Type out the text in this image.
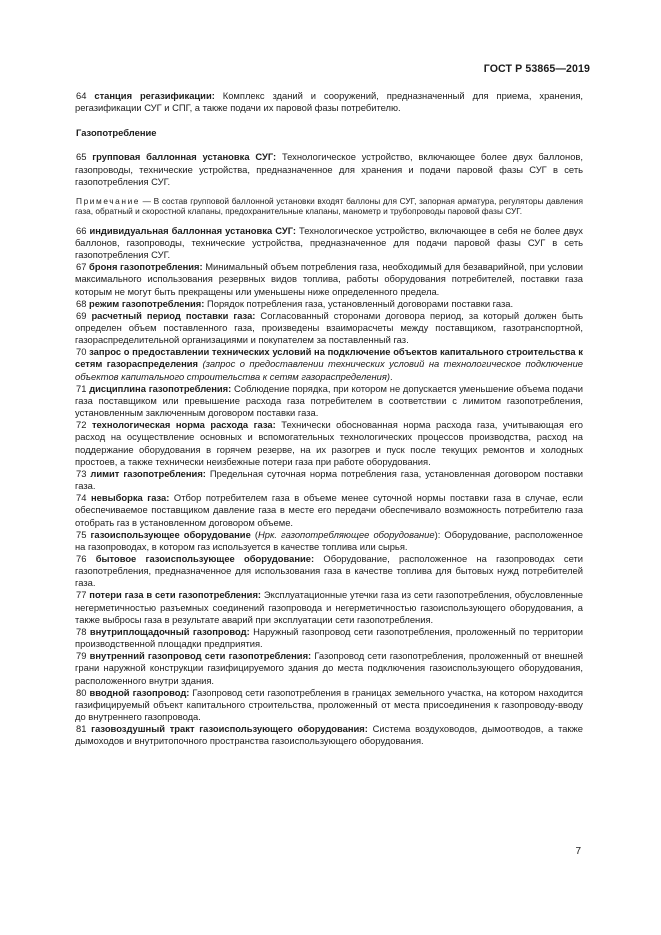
ГОСТ Р 53865—2019

64 станция регазификации: Комплекс зданий и сооружений, предназначенный для приема, хранения, регазификации СУГ и СПГ, а также подачи их паровой фазы потребителю.

Газопотребление

65 групповая баллонная установка СУГ: Технологическое устройство, включающее более двух баллонов, газопроводы, технические устройства, предназначенное для хранения и подачи паровой фазы СУГ в сеть газопотребления СУГ.

Примечание — В состав групповой баллонной установки входят баллоны для СУГ, запорная арматура, регуляторы давления газа, обратный и скоростной клапаны, предохранительные клапаны, манометр и трубопроводы паровой фазы СУГ.

66 индивидуальная баллонная установка СУГ: Технологическое устройство, включающее в себя не более двух баллонов, газопроводы, технические устройства, предназначенное для подачи паровой фазы СУГ в сеть газопотребления СУГ.

67 броня газопотребления: Минимальный объем потребления газа, необходимый для безаварийной, при условии максимального использования резервных видов топлива, работы оборудования потребителей, поставки газа которым не могут быть прекращены или уменьшены ниже определенного предела.

68 режим газопотребления: Порядок потребления газа, установленный договорами поставки газа.

69 расчетный период поставки газа: Согласованный сторонами договора период, за который должен быть определен объем поставленного газа, произведены взаиморасчеты между поставщиком, газотранспортной, газораспределительной организациями и покупателем за поставленный газ.

70 запрос о предоставлении технических условий на подключение объектов капитального строительства к сетям газораспределения (запрос о предоставлении технических условий на технологическое подключение объектов капитального строительства к сетям газораспределения).

71 дисциплина газопотребления: Соблюдение порядка, при котором не допускается уменьшение объема подачи газа поставщиком или превышение расхода газа потребителем в соответствии с лимитом газопотребления, установленным заключенным договором поставки газа.

72 технологическая норма расхода газа: Технически обоснованная норма расхода газа, учитывающая его расход на осуществление основных и вспомогательных технологических процессов производства, расход на поддержание оборудования в горячем резерве, на их разогрев и пуск после текущих ремонтов и холодных простоев, а также технически неизбежные потери газа при работе оборудования.

73 лимит газопотребления: Предельная суточная норма потребления газа, установленная договором поставки газа.

74 невыборка газа: Отбор потребителем газа в объеме менее суточной нормы поставки газа в случае, если обеспечиваемое поставщиком давление газа в месте его передачи обеспечивало возможность потребителю газа отобрать газ в установленном договором объеме.

75 газоиспользующее оборудование (Нрк. газопотребляющее оборудование): Оборудование, расположенное на газопроводах, в котором газ используется в качестве топлива или сырья.

76 бытовое газоиспользующее оборудование: Оборудование, расположенное на газопроводах сети газопотребления, предназначенное для использования газа в качестве топлива для бытовых нужд потребителей газа.

77 потери газа в сети газопотребления: Эксплуатационные утечки газа из сети газопотребления, обусловленные негерметичностью разъемных соединений газопровода и негерметичностью газоиспользующего оборудования, а также выбросы газа в результате аварий при эксплуатации сети газопотребления.

78 внутриплощадочный газопровод: Наружный газопровод сети газопотребления, проложенный по территории производственной площадки предприятия.

79 внутренний газопровод сети газопотребления: Газопровод сети газопотребления, проложенный от внешней грани наружной конструкции газифицируемого здания до места подключения газоиспользующего оборудования, расположенного внутри здания.

80 вводной газопровод: Газопровод сети газопотребления в границах земельного участка, на котором находится газифицируемый объект капитального строительства, проложенный от места присоединения к газопроводу-вводу до внутреннего газопровода.

81 газовоздушный тракт газоиспользующего оборудования: Система воздуховодов, дымоотводов, а также дымоходов и внутритопочного пространства газоиспользующего оборудования.

7
